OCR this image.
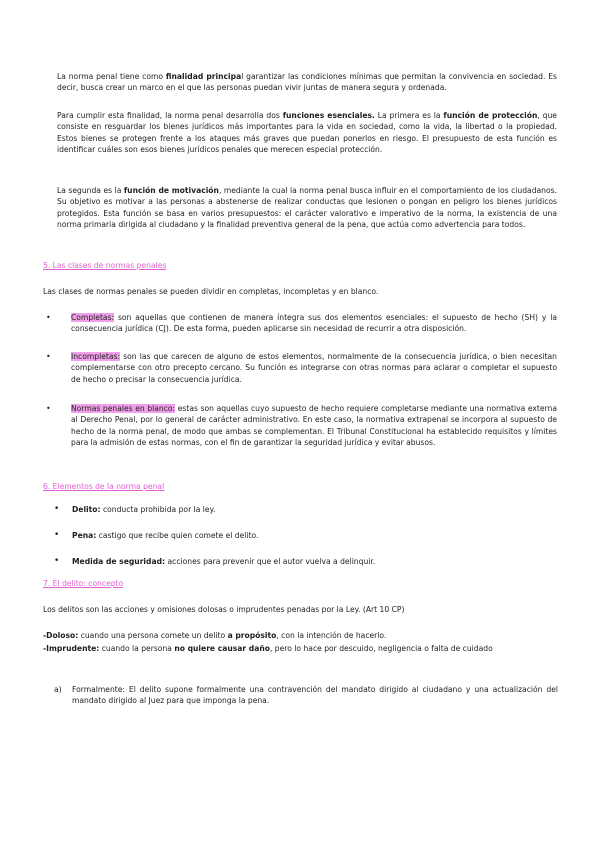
La norma penal tiene como finalidad principal garantizar las condiciones mínimas que permitan la convivencia en sociedad. Es decir, busca crear un marco en el que las personas puedan vivir juntas de manera segura y ordenada.

Para cumplir esta finalidad, la norma penal desarrolla dos funciones esenciales. La primera es la función de protección, que consiste en resguardar los bienes jurídicos más importantes para la vida en sociedad, como la vida, la libertad o la propiedad. Estos bienes se protegen frente a los ataques más graves que puedan ponerlos en riesgo. El presupuesto de esta función es identificar cuáles son esos bienes jurídicos penales que merecen especial protección.

La segunda es la función de motivación, mediante la cual la norma penal busca influir en el comportamiento de los ciudadanos. Su objetivo es motivar a las personas a abstenerse de realizar conductas que lesionen o pongan en peligro los bienes jurídicos protegidos. Esta función se basa en varios presupuestos: el carácter valorativo e imperativo de la norma, la existencia de una norma primaria dirigida al ciudadano y la finalidad preventiva general de la pena, que actúa como advertencia para todos.

5. Las clases de normas penales
Las clases de normas penales se pueden dividir en completas, incompletas y en blanco.
•	Completas: son aquellas que contienen de manera íntegra sus dos elementos esenciales: el supuesto de hecho (SH) y la consecuencia jurídica (CJ). De esta forma, pueden aplicarse sin necesidad de recurrir a otra disposición.

•	Incompletas: son las que carecen de alguno de estos elementos, normalmente de la consecuencia jurídica, o bien necesitan complementarse con otro precepto cercano. Su función es integrarse con otras normas para aclarar o completar el supuesto de hecho o precisar la consecuencia jurídica.

•	Normas penales en blanco: estas son aquellas cuyo supuesto de hecho requiere completarse mediante una normativa externa al Derecho Penal, por lo general de carácter administrativo. En este caso, la normativa extrapenal se incorpora al supuesto de hecho de la norma penal, de modo que ambas se complementan. El Tribunal Constitucional ha establecido requisitos y límites para la admisión de estas normas, con el fin de garantizar la seguridad jurídica y evitar abusos.

6. Elementos de la norma penal
• Delito: conducta prohibida por la ley.
• Pena: castigo que recibe quien comete el delito.
• Medida de seguridad: acciones para prevenir que el autor vuelva a delinquir.
7. El delito: concepto
Los delitos son las acciones y omisiones dolosas o imprudentes penadas por la Ley. (Art 10 CP)

-Doloso: cuando una persona comete un delito a propósito, con la intención de hacerlo.

-Imprudente: cuando la persona no quiere causar daño, pero lo hace por descuido, negligencia o falta de cuidado

a) Formalmente: El delito supone formalmente una contravención del mandato dirigido al ciudadano y una actualización del mandato dirigido al Juez para que imponga la pena.
